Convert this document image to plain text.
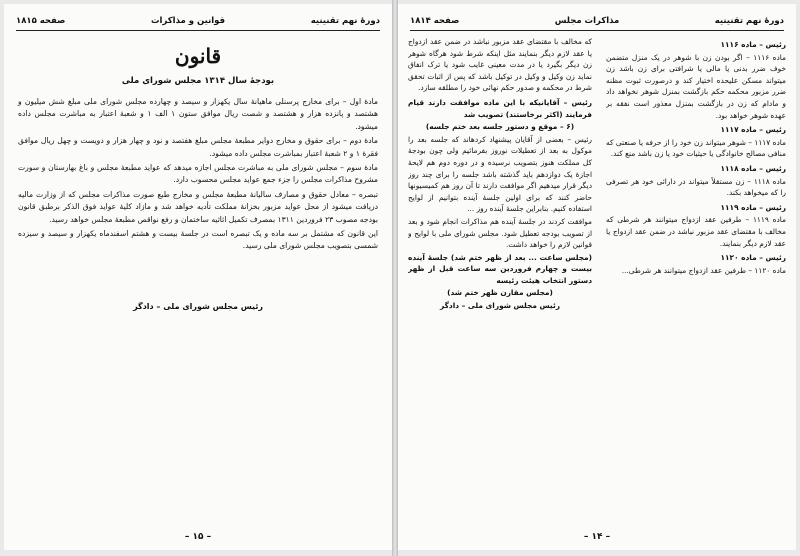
دورهٔ نهم تقنینیه
قوانین و مذاکرات
صفحه ۱۸۱۵
قانون
بودجهٔ سال ۱۳۱۴ مجلس شورای ملی

مادهٔ اول – برای مخارج پرسنلی ماهیانهٔ سال یکهزار و سیصد و چهارده مجلس شورای ملی مبلغ شش میلیون و هشتصد و پانزده هزار و هشتصد و شصت ریال موافق ستون ۱ الف ۱ و شعبهٔ اعتبار به مباشرت مجلس داده میشود.

مادهٔ دوم – برای حقوق و مخارج دوایر مطبعهٔ مجلس مبلغ هفتصد و نود و چهار هزار و دویست و چهل ریال موافق فقرهٔ ۱ و ۲ شعبهٔ اعتبار بمباشرت مجلس داده میشود.

مادهٔ سوم – مجلس شورای ملی به مباشرت مجلس اجازه میدهد که عواید مطبعهٔ مجلس و باغ بهارستان و سورت مشروح مذاکرات مجلس را جزء جمع عواید مجلس محسوب دارد.

تبصره – معادل حقوق و مصارف سالیانهٔ مطبعهٔ مجلس و مخارج طبع صورت مذاکرات مجلس که از وزارت مالیه دریافت میشود از محل عواید مزبور بخزانهٔ مملکت تأدیه خواهد شد و مازاد کلیهٔ عواید فوق الذکر برطبق قانون بودجه مصوب ۲۳ فروردین ۱۳۱۱ بمصرف تکمیل اثاثیه ساختمان و رفع نواقص مطبعهٔ مجلس خواهد رسید.

این قانون که مشتمل بر سه ماده و یک تبصره است در جلسهٔ بیست و هشتم اسفندماه یکهزار و سیصد و سیزده شمسی بتصویب مجلس شورای ملی رسید.

رئیس مجلس شورای ملی – دادگر
– ۱۵ –
دورهٔ نهم تقنینیه
مذاکرات مجلس
صفحه ۱۸۱۴

رئیس – ماده ۱۱۱۶

ماده ۱۱۱۶ – اگر بودن زن با شوهر در یک منزل متضمن خوف ضرر بدنی یا مالی یا شرافتی برای زن باشد زن میتواند مسکن علیحده اختیار کند و درصورت ثبوت مظنه ضرر مزبور محکمه حکم بازگشت بمنزل شوهر نخواهد داد و مادام که زن در بازگشت بمنزل معذور است نفقه بر عهده شوهر خواهد بود.

رئیس – ماده ۱۱۱۷

ماده ۱۱۱۷ – شوهر میتواند زن خود را از حرفه یا صنعتی که منافی مصالح خانوادگی یا حیثیات خود یا زن باشد منع کند.

رئیس – ماده ۱۱۱۸

ماده ۱۱۱۸ – زن مستقلاً میتواند در دارائی خود هر تصرفی را که میخواهد بکند.

رئیس – ماده ۱۱۱۹

ماده ۱۱۱۹ – طرفین عقد ازدواج میتوانند هر شرطی که مخالف با مقتضای عقد مزبور نباشد در ضمن عقد ازدواج یا عقد لازم دیگر بنمایند.

رئیس – ماده ۱۱۲۰

ماده ۱۱۲۰ – طرفین عقد ازدواج میتوانند هر شرطی...

که مخالف با مقتضای عقد مزبور نباشد در ضمن عقد ازدواج یا عقد لازم دیگر بنمایند مثل اینکه شرط شود هرگاه شوهر زن دیگر بگیرد یا در مدت معینی غایب شود یا ترک انفاق نماید زن وکیل و وکیل در توکیل باشد که پس از اثبات تحقق شرط در محکمه و صدور حکم نهائی خود را مطلقه سازد.

رئیس – آقایانیکه با این ماده موافقت دارند قیام فرمایند (اکثر برخاستند) تصویب شد

(۶ – موقع و دستور جلسه بعد ختم جلسه)

رئیس – بعضی از آقایان پیشنهاد کردهاند که جلسه بعد را موکول به بعد از تعطیلات نوروز بفرمائیم ولی چون بودجهٔ کل مملکت هنوز بتصویب نرسیده و در دوره دوم هم لایحهٔ اجازهٔ یک دوازدهم باید گذشته باشد جلسه را برای چند روز دیگر قرار میدهیم اگر موافقت دارند تا آن روز هم کمیسیونها حاضر کنند که برای اولین جلسهٔ آینده بتوانیم از لوایح استفاده کنیم. بنابراین جلسهٔ آینده روز ...

موافقت کردند در جلسهٔ آینده هم مذاکرات انجام شود و بعد از تصویب بودجه تعطیل شود. مجلس شورای ملی با لوایح و قوانین لازم را خواهد داشت.

(مجلس ساعت ... بعد از ظهر ختم شد) جلسهٔ آینده بیست و چهارم فروردین سه ساعت قبل از ظهر دستور انتخاب هیئت رئیسه

(مجلس مقارن ظهر ختم شد)

رئیس مجلس شورای ملی – دادگر

– ۱۴ –
